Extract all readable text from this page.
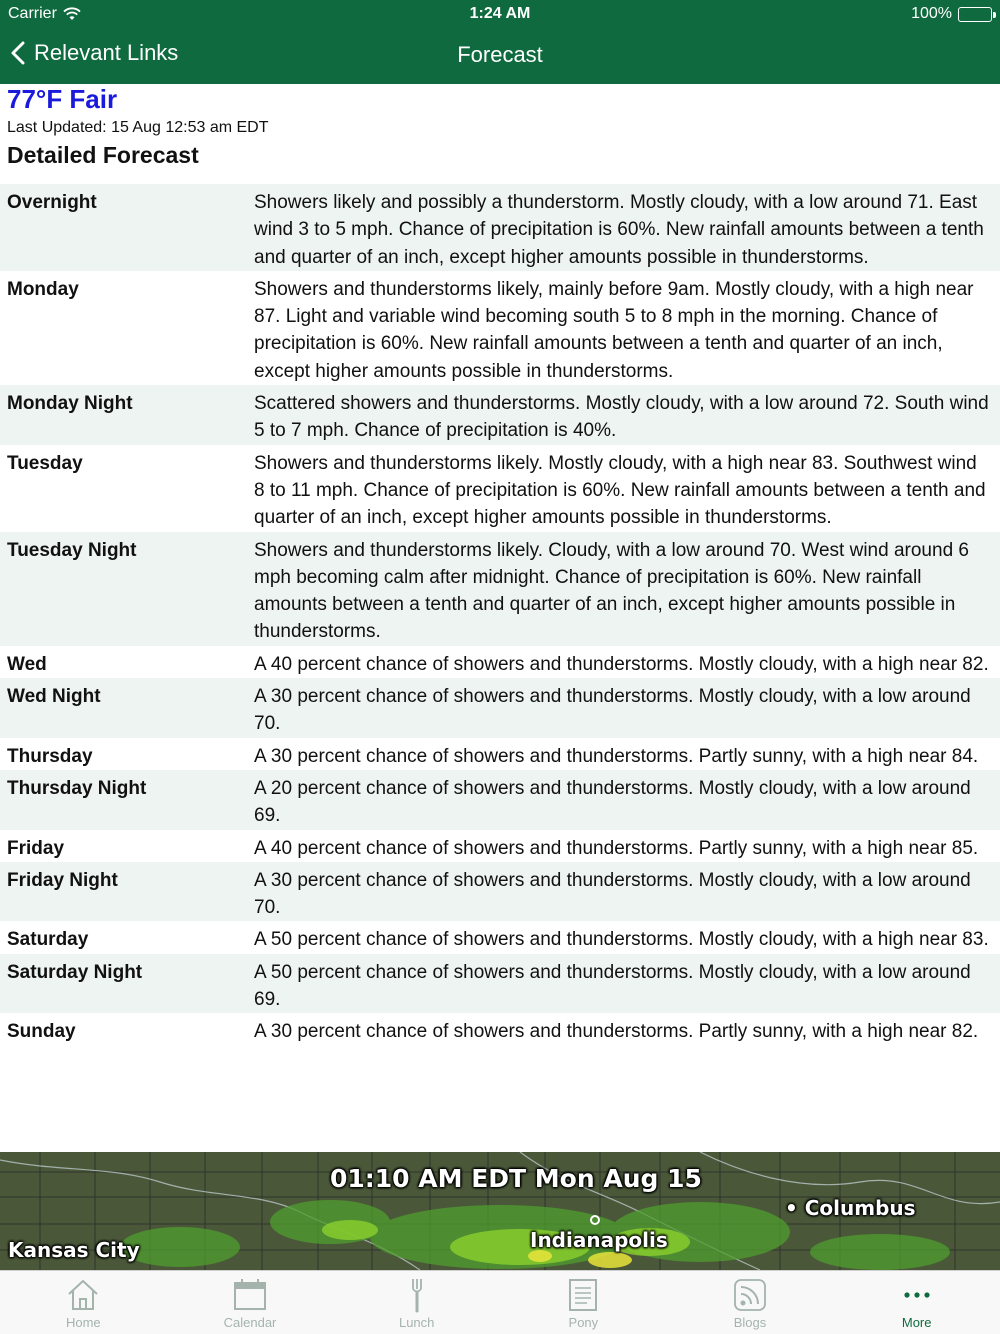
Carrier	1:24 AM	100%
Relevant Links	Forecast
77°F Fair
Last Updated: 15 Aug 12:53 am EDT
Detailed Forecast
Overnight	Showers likely and possibly a thunderstorm. Mostly cloudy, with a low around 71. East wind 3 to 5 mph. Chance of precipitation is 60%. New rainfall amounts between a tenth and quarter of an inch, except higher amounts possible in thunderstorms.
Monday	Showers and thunderstorms likely, mainly before 9am. Mostly cloudy, with a high near 87. Light and variable wind becoming south 5 to 8 mph in the morning. Chance of precipitation is 60%. New rainfall amounts between a tenth and quarter of an inch, except higher amounts possible in thunderstorms.
Monday Night	Scattered showers and thunderstorms. Mostly cloudy, with a low around 72. South wind 5 to 7 mph. Chance of precipitation is 40%.
Tuesday	Showers and thunderstorms likely. Mostly cloudy, with a high near 83. Southwest wind 8 to 11 mph. Chance of precipitation is 60%. New rainfall amounts between a tenth and quarter of an inch, except higher amounts possible in thunderstorms.
Tuesday Night	Showers and thunderstorms likely. Cloudy, with a low around 70. West wind around 6 mph becoming calm after midnight. Chance of precipitation is 60%. New rainfall amounts between a tenth and quarter of an inch, except higher amounts possible in thunderstorms.
Wed	A 40 percent chance of showers and thunderstorms. Mostly cloudy, with a high near 82.
Wed Night	A 30 percent chance of showers and thunderstorms. Mostly cloudy, with a low around 70.
Thursday	A 30 percent chance of showers and thunderstorms. Partly sunny, with a high near 84.
Thursday Night	A 20 percent chance of showers and thunderstorms. Mostly cloudy, with a low around 69.
Friday	A 40 percent chance of showers and thunderstorms. Partly sunny, with a high near 85.
Friday Night	A 30 percent chance of showers and thunderstorms. Mostly cloudy, with a low around 70.
Saturday	A 50 percent chance of showers and thunderstorms. Mostly cloudy, with a high near 83.
Saturday Night	A 50 percent chance of showers and thunderstorms. Mostly cloudy, with a low around 69.
Sunday	A 30 percent chance of showers and thunderstorms. Partly sunny, with a high near 82.
01:10 AM EDT Mon Aug 15
• Columbus
Indianapolis
Kansas City
Home	Calendar	Lunch	Pony	Blogs	More
